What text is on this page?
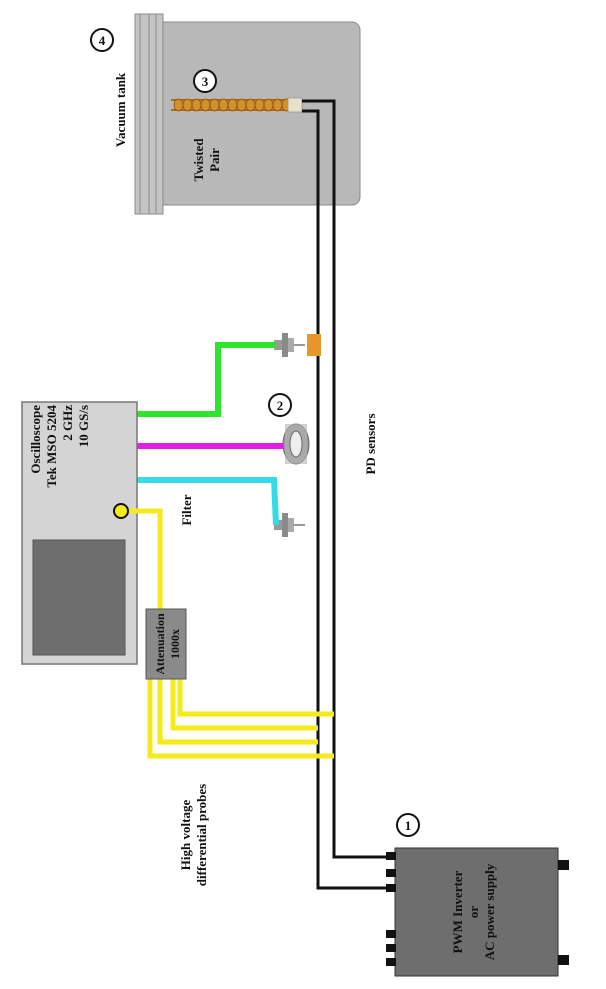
1
2
3
4
Vacuum tank
Twisted Pair
Oscilloscope Tek MSO 5204 2 GHz 10 GS/s
Filter
PD sensors
Attenuation 1000x
High voltage differential probes
PWM Inverter or AC power supply
